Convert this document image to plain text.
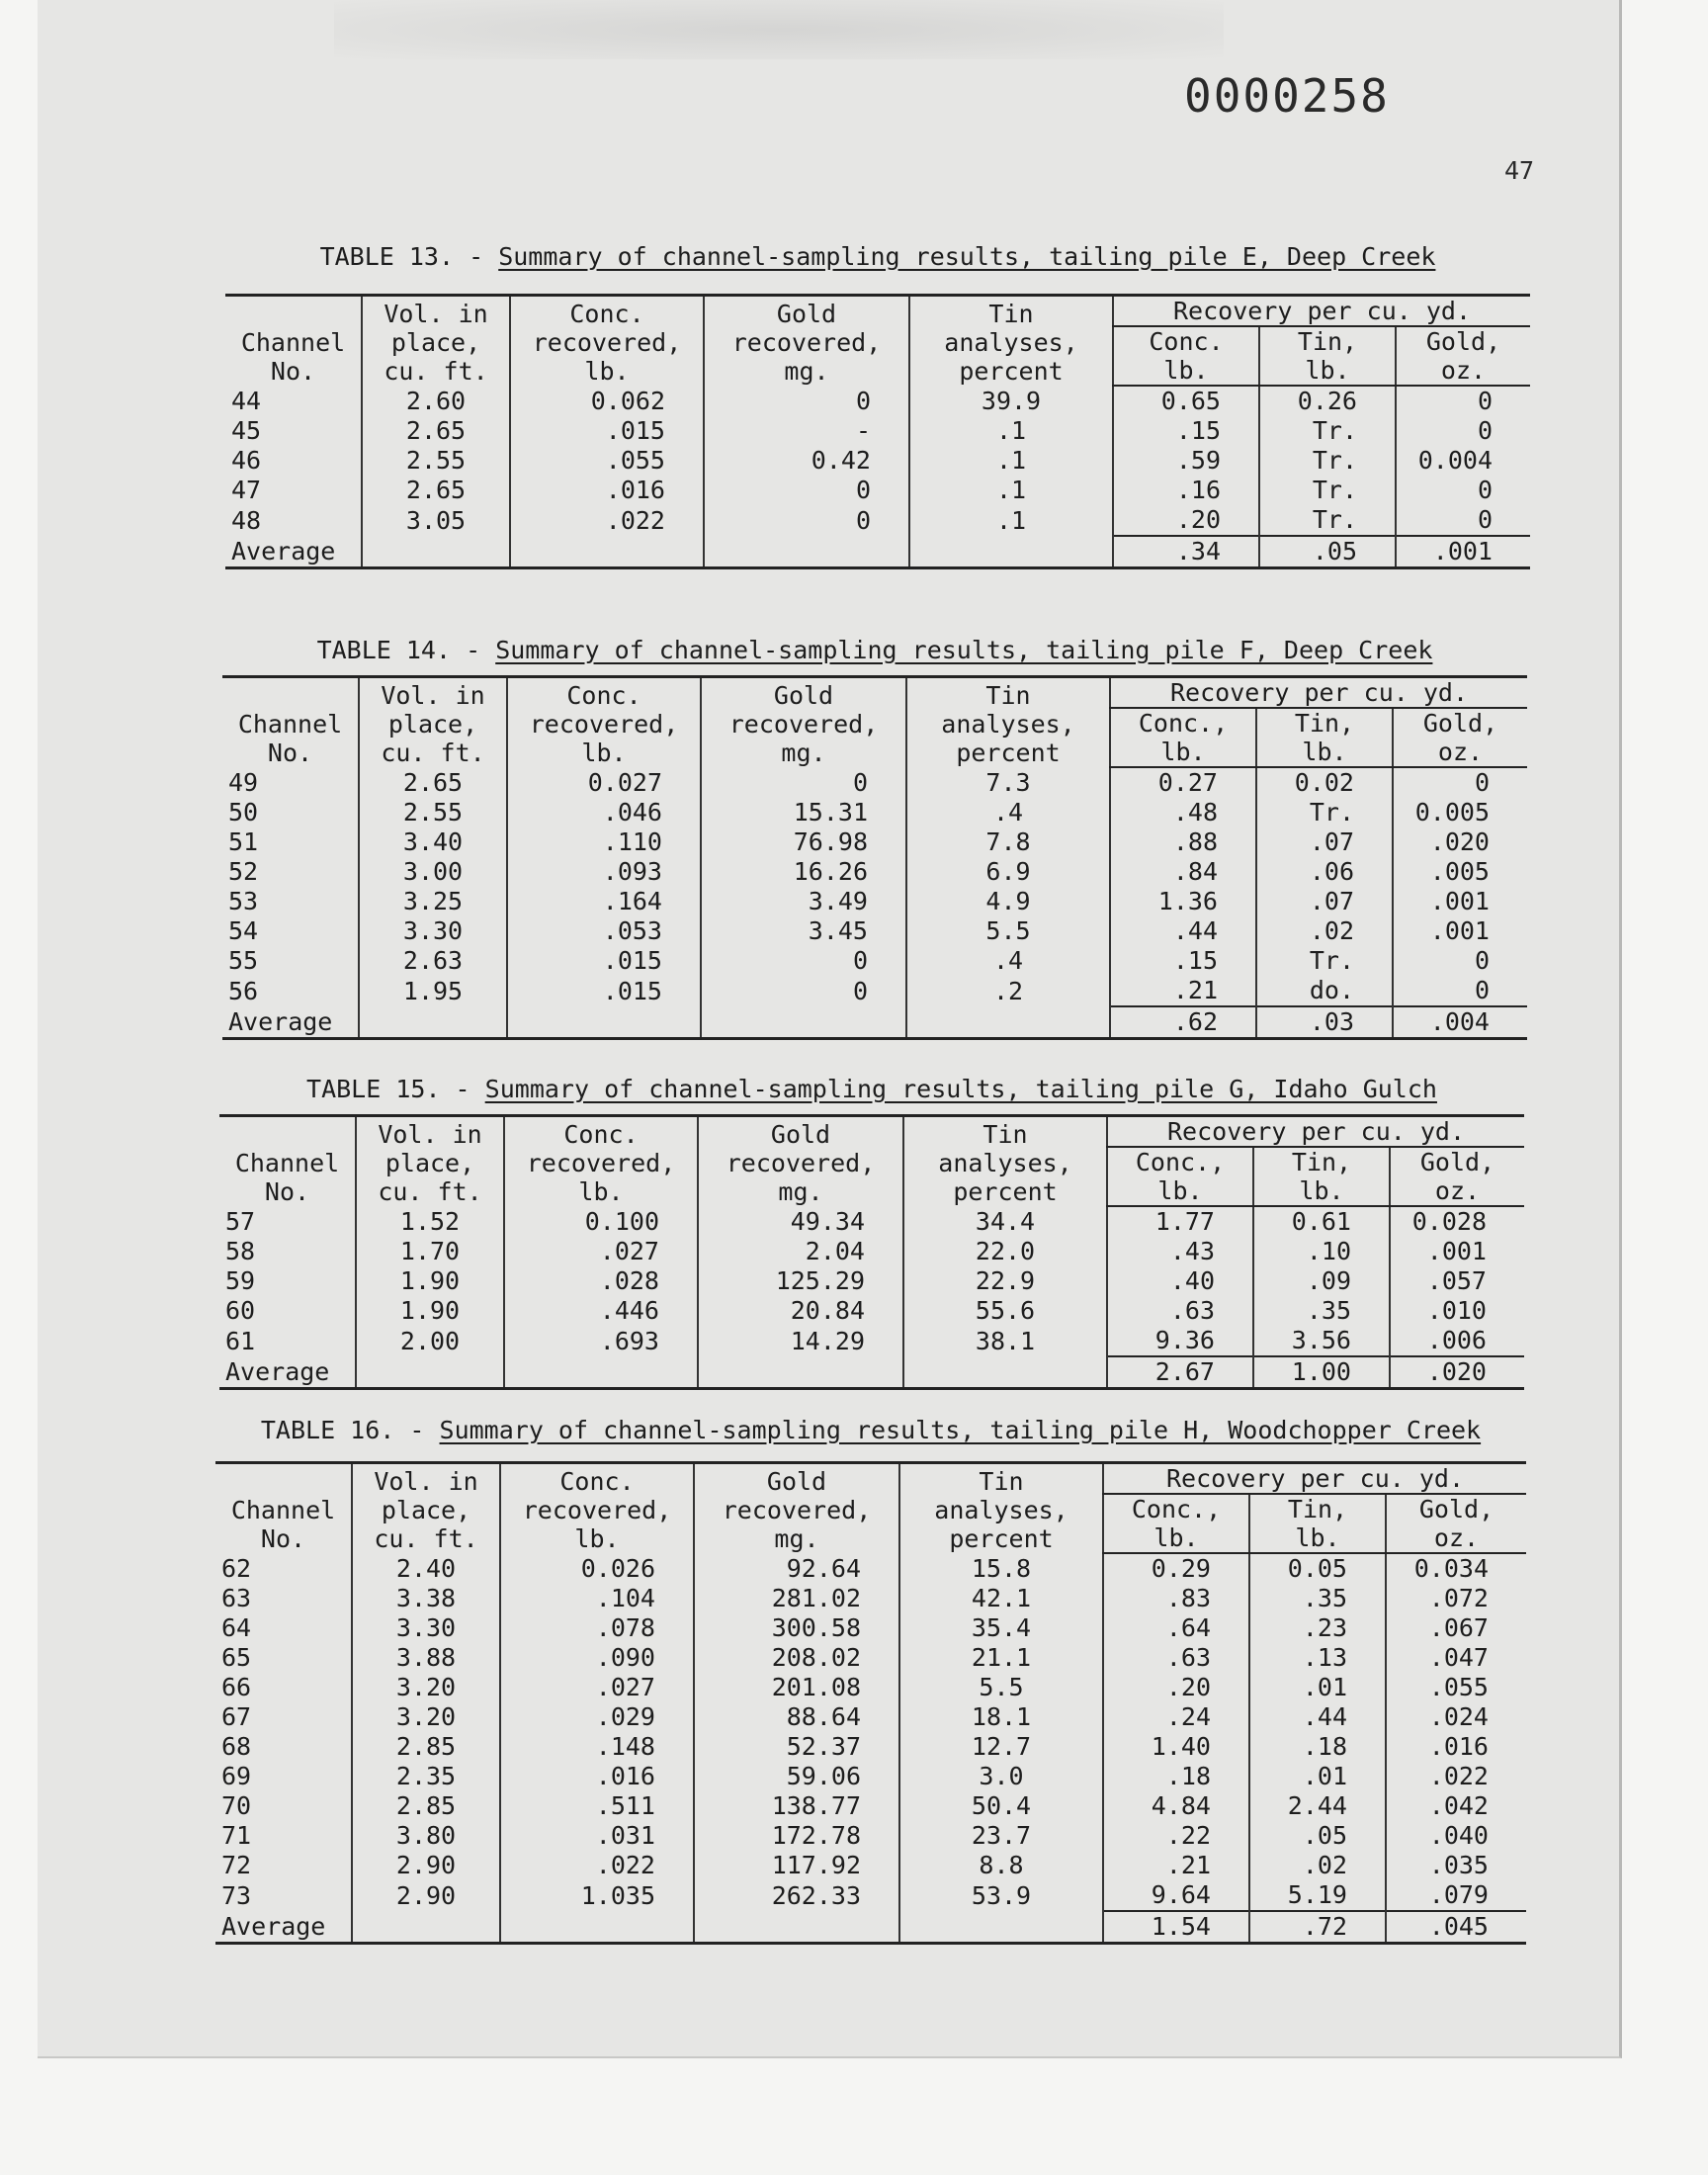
0000258
47
TABLE 13. - Summary of channel-sampling results, tailing pile E, Deep Creek
Channel
No.	Vol. in
place,
cu. ft.	Conc.
recovered,
lb.	Gold
recovered,
mg.	Tin
analyses,
percent	Recovery per cu. yd.		
					Conc.
lb.	Tin,
lb.	Gold,
oz.
44	2.60	0.062	0	39.9	0.65	0.26	0
45	2.65	.015	-	.1	.15	Tr.	0
46	2.55	.055	0.42	.1	.59	Tr.	0.004
47	2.65	.016	0	.1	.16	Tr.	0
48	3.05	.022	0	.1	.20	Tr.	0
Average					.34	.05	.001
TABLE 14. - Summary of channel-sampling results, tailing pile F, Deep Creek
Channel
No.	Vol. in
place,
cu. ft.	Conc.
recovered,
lb.	Gold
recovered,
mg.	Tin
analyses,
percent	Recovery per cu. yd.		
					Conc.,
lb.	Tin,
lb.	Gold,
oz.
49	2.65	0.027	0	7.3	0.27	0.02	0
50	2.55	.046	15.31	.4	.48	Tr.	0.005
51	3.40	.110	76.98	7.8	.88	.07	.020
52	3.00	.093	16.26	6.9	.84	.06	.005
53	3.25	.164	3.49	4.9	1.36	.07	.001
54	3.30	.053	3.45	5.5	.44	.02	.001
55	2.63	.015	0	.4	.15	Tr.	0
56	1.95	.015	0	.2	.21	do.	0
Average					.62	.03	.004
TABLE 15. - Summary of channel-sampling results, tailing pile G, Idaho Gulch
Channel
No.	Vol. in
place,
cu. ft.	Conc.
recovered,
lb.	Gold
recovered,
mg.	Tin
analyses,
percent	Recovery per cu. yd.		
					Conc.,
lb.	Tin,
lb.	Gold,
oz.
57	1.52	0.100	49.34	34.4	1.77	0.61	0.028
58	1.70	.027	2.04	22.0	.43	.10	.001
59	1.90	.028	125.29	22.9	.40	.09	.057
60	1.90	.446	20.84	55.6	.63	.35	.010
61	2.00	.693	14.29	38.1	9.36	3.56	.006
Average					2.67	1.00	.020
TABLE 16. - Summary of channel-sampling results, tailing pile H, Woodchopper Creek
Channel
No.	Vol. in
place,
cu. ft.	Conc.
recovered,
lb.	Gold
recovered,
mg.	Tin
analyses,
percent	Recovery per cu. yd.		
					Conc.,
lb.	Tin,
lb.	Gold,
oz.
62	2.40	0.026	92.64	15.8	0.29	0.05	0.034
63	3.38	.104	281.02	42.1	.83	.35	.072
64	3.30	.078	300.58	35.4	.64	.23	.067
65	3.88	.090	208.02	21.1	.63	.13	.047
66	3.20	.027	201.08	5.5	.20	.01	.055
67	3.20	.029	88.64	18.1	.24	.44	.024
68	2.85	.148	52.37	12.7	1.40	.18	.016
69	2.35	.016	59.06	3.0	.18	.01	.022
70	2.85	.511	138.77	50.4	4.84	2.44	.042
71	3.80	.031	172.78	23.7	.22	.05	.040
72	2.90	.022	117.92	8.8	.21	.02	.035
73	2.90	1.035	262.33	53.9	9.64	5.19	.079
Average					1.54	.72	.045
